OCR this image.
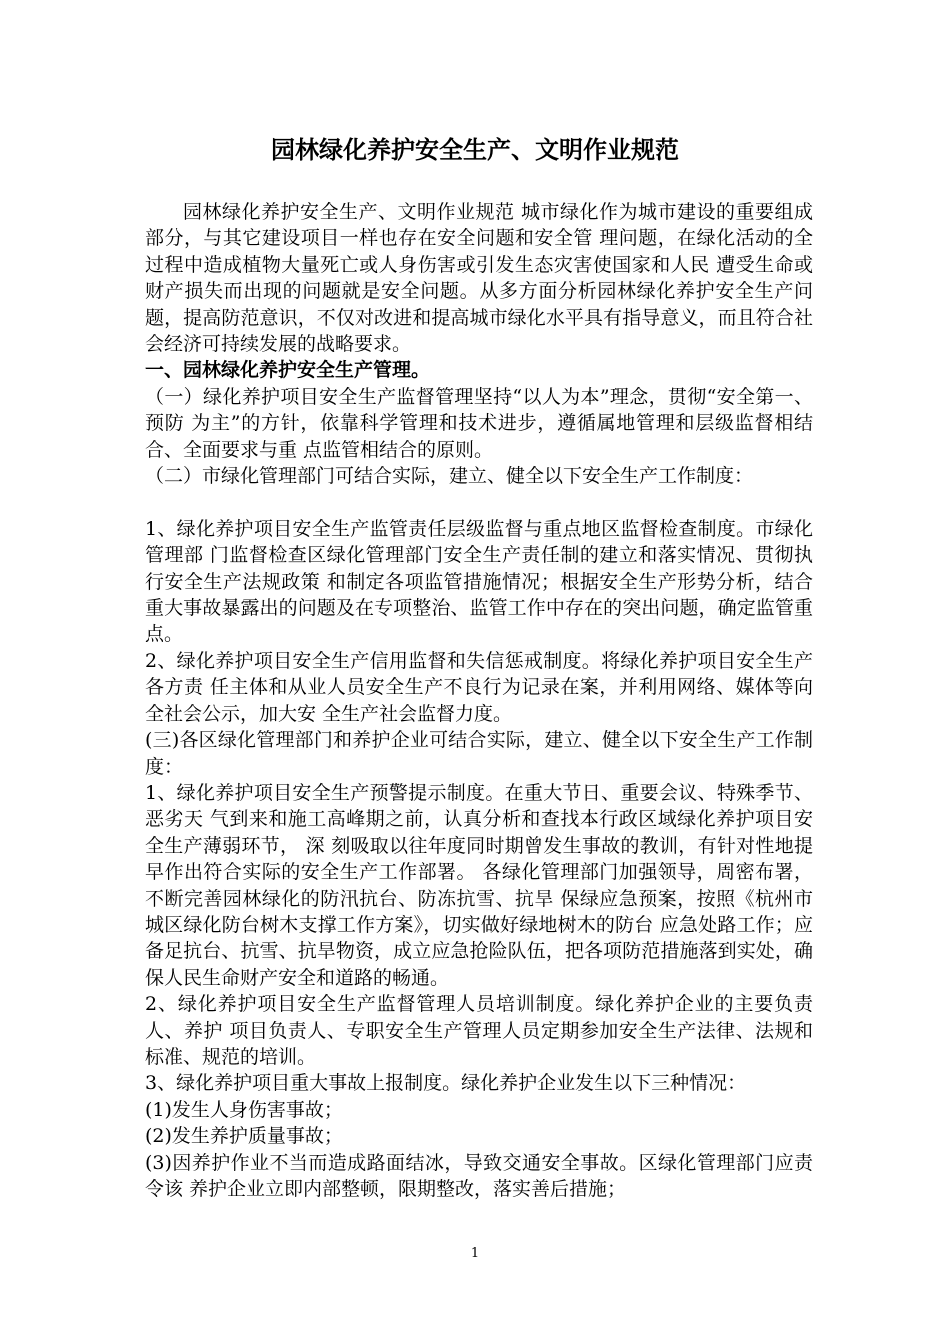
园林绿化养护安全生产、文明作业规范

园林绿化养护安全生产、文明作业规范 城市绿化作为城市建设的重要组成部分，与其它建设项目一样也存在安全问题和安全管 理问题，在绿化活动的全过程中造成植物大量死亡或人身伤害或引发生态灾害使国家和人民 遭受生命或财产损失而出现的问题就是安全问题。从多方面分析园林绿化养护安全生产问 题，提高防范意识，不仅对改进和提高城市绿化水平具有指导意义，而且符合社会经济可持续发展的战略要求。

一、园林绿化养护安全生产管理。

（一）绿化养护项目安全生产监督管理坚持“以人为本”理念，贯彻“安全第一、预防 为主”的方针，依靠科学管理和技术进步，遵循属地管理和层级监督相结合、全面要求与重 点监管相结合的原则。

（二）市绿化管理部门可结合实际，建立、健全以下安全生产工作制度：

1、绿化养护项目安全生产监管责任层级监督与重点地区监督检查制度。市绿化管理部 门监督检查区绿化管理部门安全生产责任制的建立和落实情况、贯彻执行安全生产法规政策 和制定各项监管措施情况；根据安全生产形势分析，结合重大事故暴露出的问题及在专项整治、监管工作中存在的突出问题，确定监管重点。

2、绿化养护项目安全生产信用监督和失信惩戒制度。将绿化养护项目安全生产各方责 任主体和从业人员安全生产不良行为记录在案，并利用网络、媒体等向全社会公示，加大安 全生产社会监督力度。

(三)各区绿化管理部门和养护企业可结合实际，建立、健全以下安全生产工作制度：

1、绿化养护项目安全生产预警提示制度。在重大节日、重要会议、特殊季节、恶劣天 气到来和施工高峰期之前，认真分析和查找本行政区域绿化养护项目安全生产薄弱环节， 深 刻吸取以往年度同时期曾发生事故的教训，有针对性地提早作出符合实际的安全生产工作部署。 各绿化管理部门加强领导，周密布署，不断完善园林绿化的防汛抗台、防冻抗雪、抗旱 保绿应急预案，按照《杭州市城区绿化防台树木支撑工作方案》，切实做好绿地树木的防台 应急处路工作；应备足抗台、抗雪、抗旱物资，成立应急抢险队伍，把各项防范措施落到实处，确保人民生命财产安全和道路的畅通。

2、绿化养护项目安全生产监督管理人员培训制度。绿化养护企业的主要负责人、养护 项目负责人、专职安全生产管理人员定期参加安全生产法律、法规和标准、规范的培训。

3、绿化养护项目重大事故上报制度。绿化养护企业发生以下三种情况：

(1)发生人身伤害事故；

(2)发生养护质量事故；

(3)因养护作业不当而造成路面结冰，导致交通安全事故。区绿化管理部门应责令该 养护企业立即内部整顿，限期整改，落实善后措施；

1
